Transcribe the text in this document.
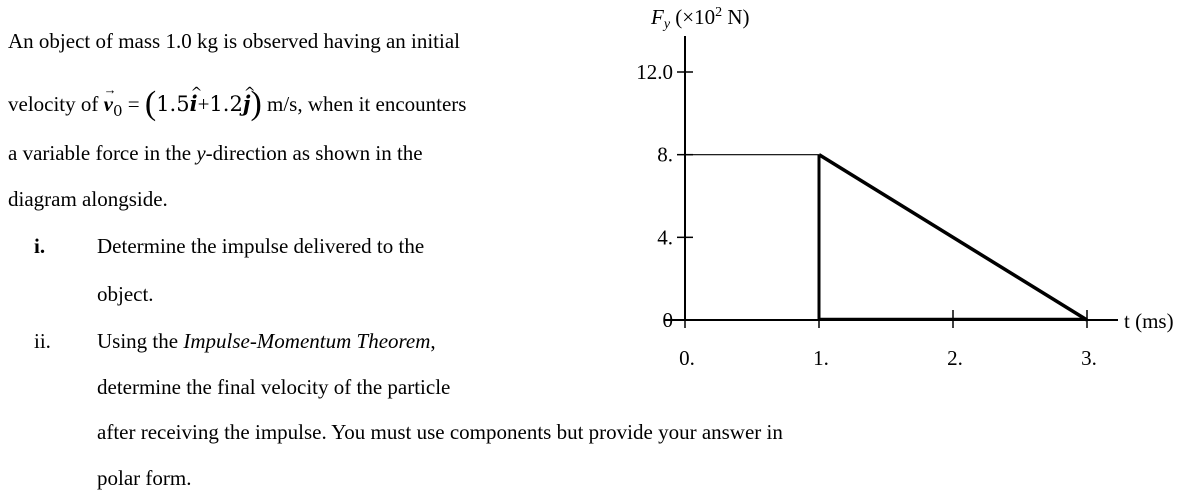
An object of mass 1.0 kg is observed having an initial
velocity of → $v_0$ = (1.5^ i+1.2^ j) m/s, when it encounters
a variable force in the y-direction as shown in the
diagram alongside.
i. Determine the impulse delivered to the
object.
ii. Using the Impulse-Momentum Theorem,
determine the final velocity of the particle
after receiving the impulse. You must use components but provide your answer in
polar form.
0
4.
8.
12.0
0.	1.	2.	3.
Fy ($\times 10^2$ N)
t (ms)
